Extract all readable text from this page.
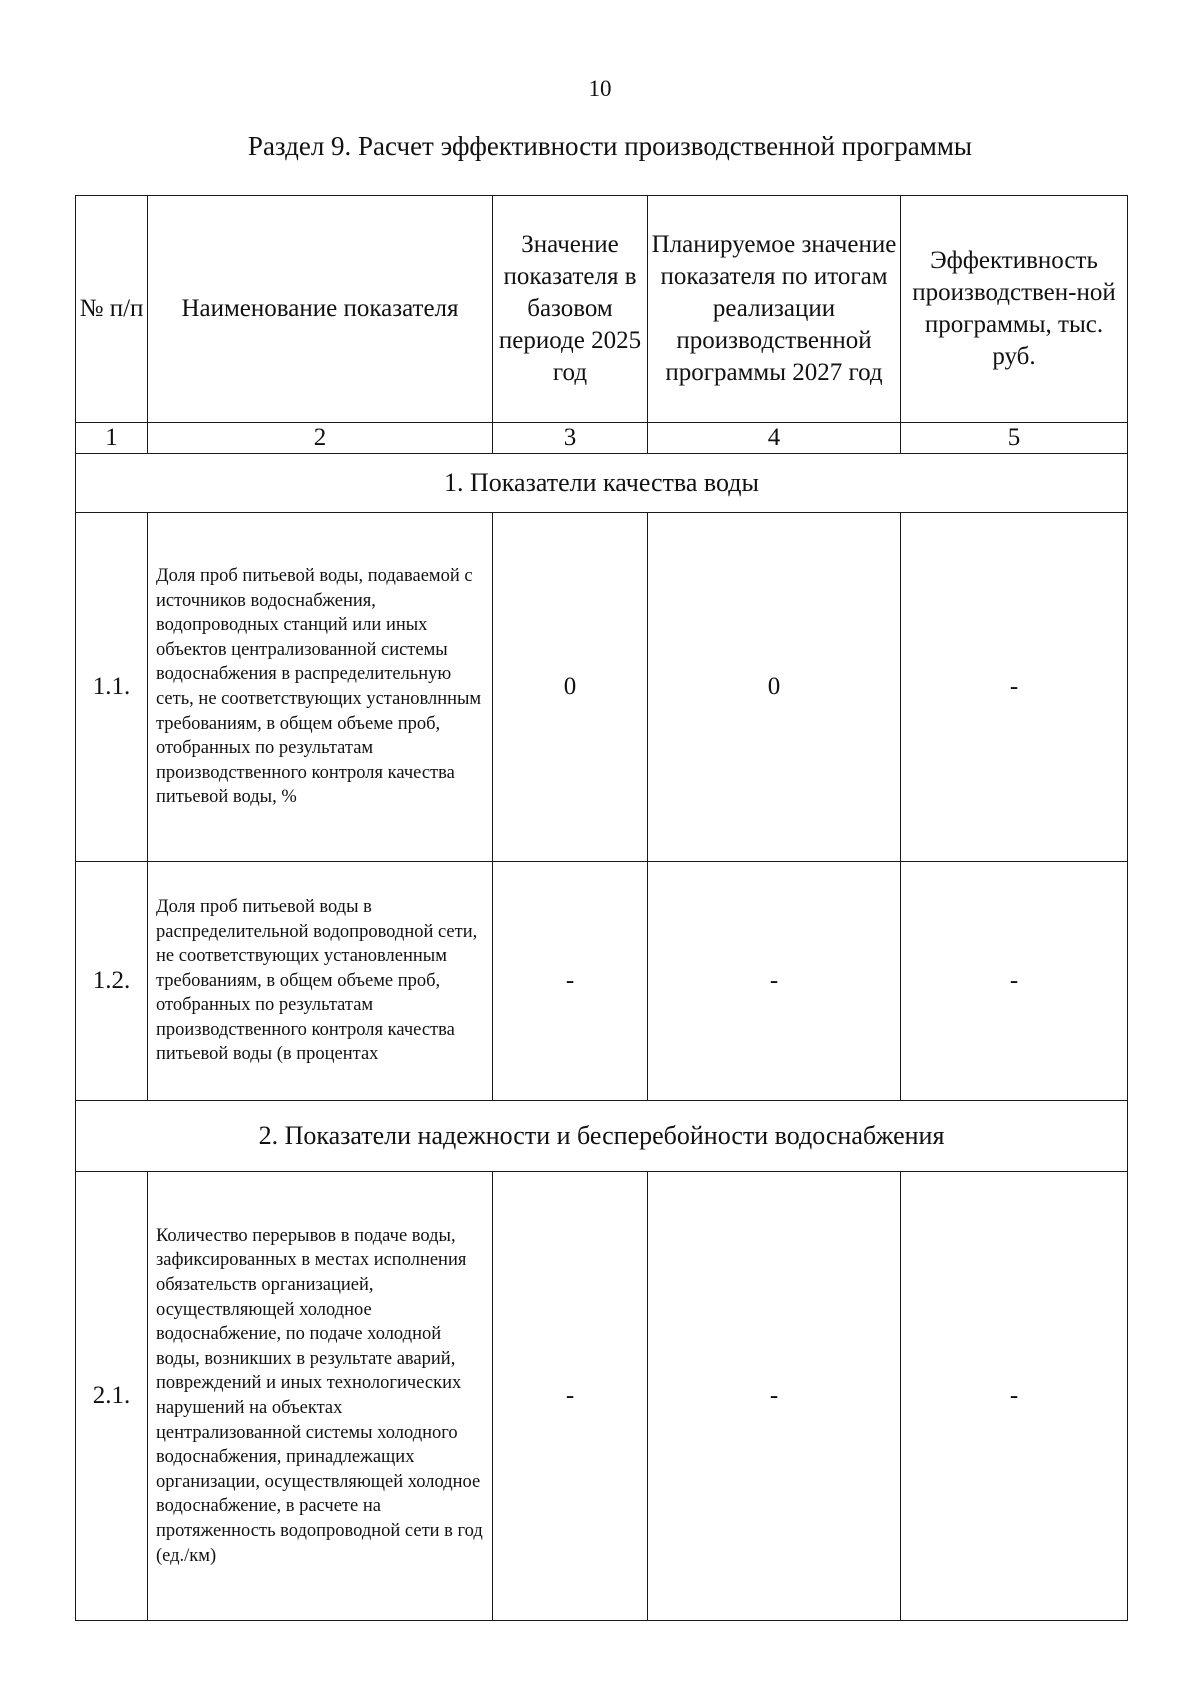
10
Раздел 9. Расчет эффективности производственной программы
№ п/п	Наименование показателя	Значение показателя в базовом периоде 2025 год	Планируемое значение показателя по итогам реализации производственной программы 2027 год	Эффективность производствен-ной программы, тыс. руб.
1	2	3	4	5
1. Показатели качества воды				
1.1.	Доля проб питьевой воды, подаваемой с источников водоснабжения, водопроводных станций или иных объектов централизованной системы водоснабжения в распределительную сеть, не соответствующих установлнным требованиям, в общем объеме проб, отобранных по результатам производственного контроля качества питьевой воды, %	0	0	-
1.2.	Доля проб питьевой воды в распределительной водопроводной сети, не соответствующих установленным требованиям, в общем объеме проб, отобранных по результатам производственного контроля качества питьевой воды (в процентах	-	-	-
2. Показатели надежности и бесперебойности водоснабжения				
2.1.	Количество перерывов в подаче воды, зафиксированных в местах исполнения обязательств организацией, осуществляющей холодное водоснабжение, по подаче холодной воды, возникших в результате аварий, повреждений и иных технологических нарушений на объектах централизованной системы холодного водоснабжения, принадлежащих организации, осуществляющей холодное водоснабжение, в расчете на протяженность водопроводной сети в год (ед./км)	-	-	-
